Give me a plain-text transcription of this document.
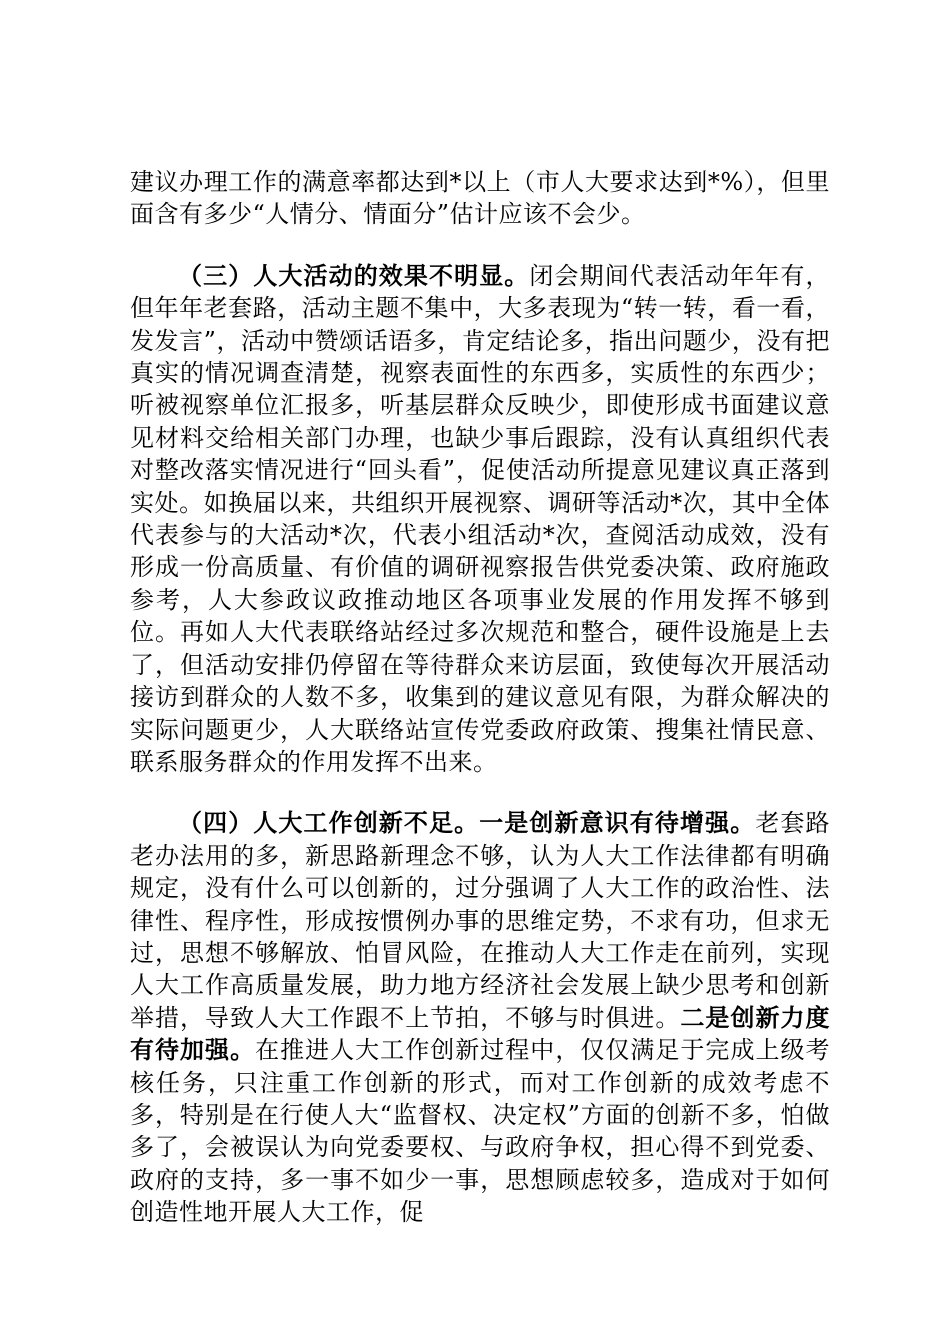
建议办理工作的满意率都达到*以上（市人大要求达到*%），但里面含有多少“人情分、情面分”估计应该不会少。

（三）人大活动的效果不明显。闭会期间代表活动年年有，但年年老套路，活动主题不集中，大多表现为“转一转，看一看，发发言”，活动中赞颂话语多，肯定结论多，指出问题少，没有把真实的情况调查清楚，视察表面性的东西多，实质性的东西少；听被视察单位汇报多，听基层群众反映少，即使形成书面建议意见材料交给相关部门办理，也缺少事后跟踪，没有认真组织代表对整改落实情况进行“回头看”，促使活动所提意见建议真正落到实处。如换届以来，共组织开展视察、调研等活动*次，其中全体代表参与的大活动*次，代表小组活动*次，查阅活动成效，没有形成一份高质量、有价值的调研视察报告供党委决策、政府施政参考，人大参政议政推动地区各项事业发展的作用发挥不够到位。再如人大代表联络站经过多次规范和整合，硬件设施是上去了，但活动安排仍停留在等待群众来访层面，致使每次开展活动接访到群众的人数不多，收集到的建议意见有限，为群众解决的实际问题更少，人大联络站宣传党委政府政策、搜集社情民意、联系服务群众的作用发挥不出来。

（四）人大工作创新不足。一是创新意识有待增强。老套路老办法用的多，新思路新理念不够，认为人大工作法律都有明确规定，没有什么可以创新的，过分强调了人大工作的政治性、法律性、程序性，形成按惯例办事的思维定势，不求有功，但求无过，思想不够解放、怕冒风险，在推动人大工作走在前列，实现人大工作高质量发展，助力地方经济社会发展上缺少思考和创新举措，导致人大工作跟不上节拍，不够与时俱进。二是创新力度有待加强。在推进人大工作创新过程中，仅仅满足于完成上级考核任务，只注重工作创新的形式，而对工作创新的成效考虑不多，特别是在行使人大“监督权、决定权”方面的创新不多，怕做多了，会被误认为向党委要权、与政府争权，担心得不到党委、政府的支持，多一事不如少一事，思想顾虑较多，造成对于如何创造性地开展人大工作，促
